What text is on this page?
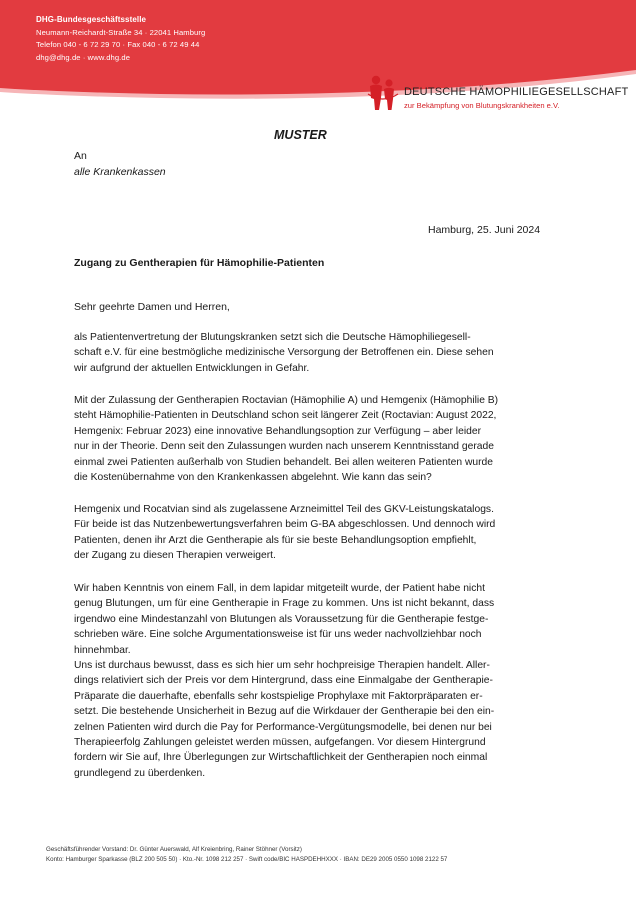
DHG-Bundesgeschäftsstelle
Neumann-Reichardt-Straße 34 · 22041 Hamburg
Telefon 040 - 6 72 29 70 · Fax 040 - 6 72 49 44
dhg@dhg.de · www.dhg.de
DEUTSCHE HÄMOPHILIEGESELLSCHAFT
zur Bekämpfung von Blutungskrankheiten e.V.
MUSTER
An
alle Krankenkassen
Hamburg, 25. Juni 2024
Zugang zu Gentherapien für Hämophilie-Patienten
Sehr geehrte Damen und Herren,
als Patientenvertretung der Blutungskranken setzt sich die Deutsche Hämophiliegesell-
schaft e.V. für eine bestmögliche medizinische Versorgung der Betroffenen ein. Diese sehen
wir aufgrund der aktuellen Entwicklungen in Gefahr.
Mit der Zulassung der Gentherapien Roctavian (Hämophilie A) und Hemgenix (Hämophilie B)
steht Hämophilie-Patienten in Deutschland schon seit längerer Zeit (Roctavian: August 2022,
Hemgenix: Februar 2023) eine innovative Behandlungsoption zur Verfügung – aber leider
nur in der Theorie. Denn seit den Zulassungen wurden nach unserem Kenntnisstand gerade
einmal zwei Patienten außerhalb von Studien behandelt. Bei allen weiteren Patienten wurde
die Kostenübernahme von den Krankenkassen abgelehnt. Wie kann das sein?
Hemgenix und Rocatvian sind als zugelassene Arzneimittel Teil des GKV-Leistungskatalogs.
Für beide ist das Nutzenbewertungsverfahren beim G-BA abgeschlossen. Und dennoch wird
Patienten, denen ihr Arzt die Gentherapie als für sie beste Behandlungsoption empfiehlt,
der Zugang zu diesen Therapien verweigert.
Wir haben Kenntnis von einem Fall, in dem lapidar mitgeteilt wurde, der Patient habe nicht
genug Blutungen, um für eine Gentherapie in Frage zu kommen. Uns ist nicht bekannt, dass
irgendwo eine Mindestanzahl von Blutungen als Voraussetzung für die Gentherapie festge-
schrieben wäre. Eine solche Argumentationsweise ist für uns weder nachvollziehbar noch
hinnehmbar.
Uns ist durchaus bewusst, dass es sich hier um sehr hochpreisige Therapien handelt. Aller-
dings relativiert sich der Preis vor dem Hintergrund, dass eine Einmalgabe der Gentherapie-
Präparate die dauerhafte, ebenfalls sehr kostspielige Prophylaxe mit Faktorpräparaten er-
setzt. Die bestehende Unsicherheit in Bezug auf die Wirkdauer der Gentherapie bei den ein-
zelnen Patienten wird durch die Pay for Performance-Vergütungsmodelle, bei denen nur bei
Therapieerfolg Zahlungen geleistet werden müssen, aufgefangen. Vor diesem Hintergrund
fordern wir Sie auf, Ihre Überlegungen zur Wirtschaftlichkeit der Gentherapien noch einmal
grundlegend zu überdenken.
Geschäftsführender Vorstand: Dr. Günter Auerswald, Alf Kreienbring, Rainer Stöhner (Vorsitz)
Konto: Hamburger Sparkasse (BLZ 200 505 50) · Kto.-Nr. 1098 212 257 · Swift code/BIC HASPDEHHXXX · IBAN: DE29 2005 0550 1098 2122 57
